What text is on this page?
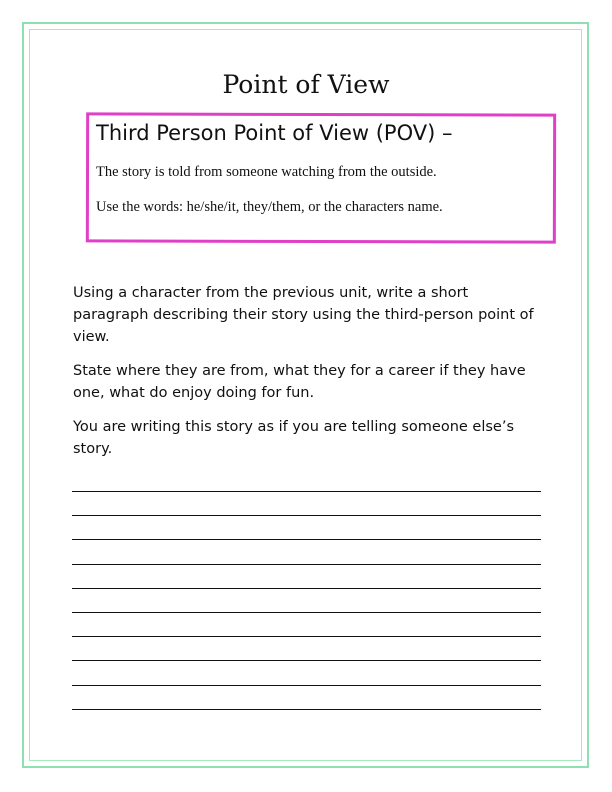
Point of View
Third Person Point of View (POV) –

The story is told from someone watching from the outside.

Use the words: he/she/it, they/them, or the characters name.

Using a character from the previous unit, write a short paragraph describing their story using the third-person point of view.

State where they are from, what they for a career if they have one, what do enjoy doing for fun.

You are writing this story as if you are telling someone else’s story.
